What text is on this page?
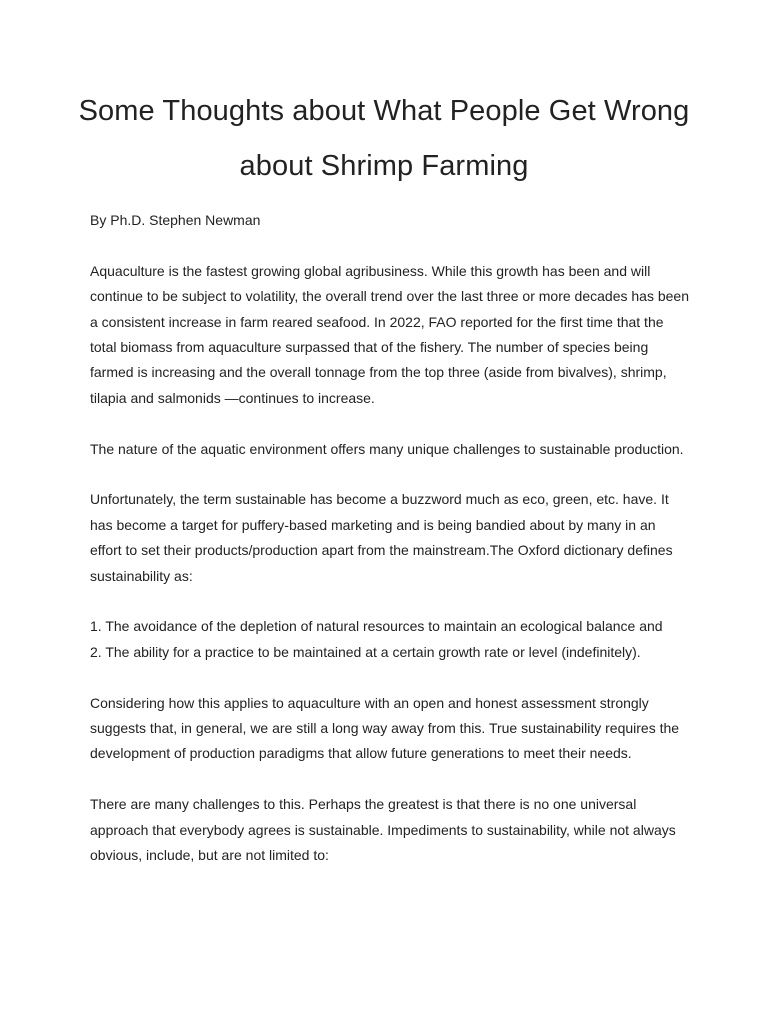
Some Thoughts about What People Get Wrong about Shrimp Farming

By Ph.D. Stephen Newman

Aquaculture is the fastest growing global agribusiness. While this growth has been and will continue to be subject to volatility, the overall trend over the last three or more decades has been a consistent increase in farm reared seafood. In 2022, FAO reported for the first time that the total biomass from aquaculture surpassed that of the fishery. The number of species being farmed is increasing and the overall tonnage from the top three (aside from bivalves), shrimp, tilapia and salmonids —continues to increase.

The nature of the aquatic environment offers many unique challenges to sustainable production.

Unfortunately, the term sustainable has become a buzzword much as eco, green, etc. have. It has become a target for puffery-based marketing and is being bandied about by many in an effort to set their products/production apart from the mainstream.The Oxford dictionary defines sustainability as:

1. The avoidance of the depletion of natural resources to maintain an ecological balance and
2. The ability for a practice to be maintained at a certain growth rate or level (indefinitely).

Considering how this applies to aquaculture with an open and honest assessment strongly suggests that, in general, we are still a long way away from this. True sustainability requires the development of production paradigms that allow future generations to meet their needs.

There are many challenges to this. Perhaps the greatest is that there is no one universal approach that everybody agrees is sustainable. Impediments to sustainability, while not always obvious, include, but are not limited to:
